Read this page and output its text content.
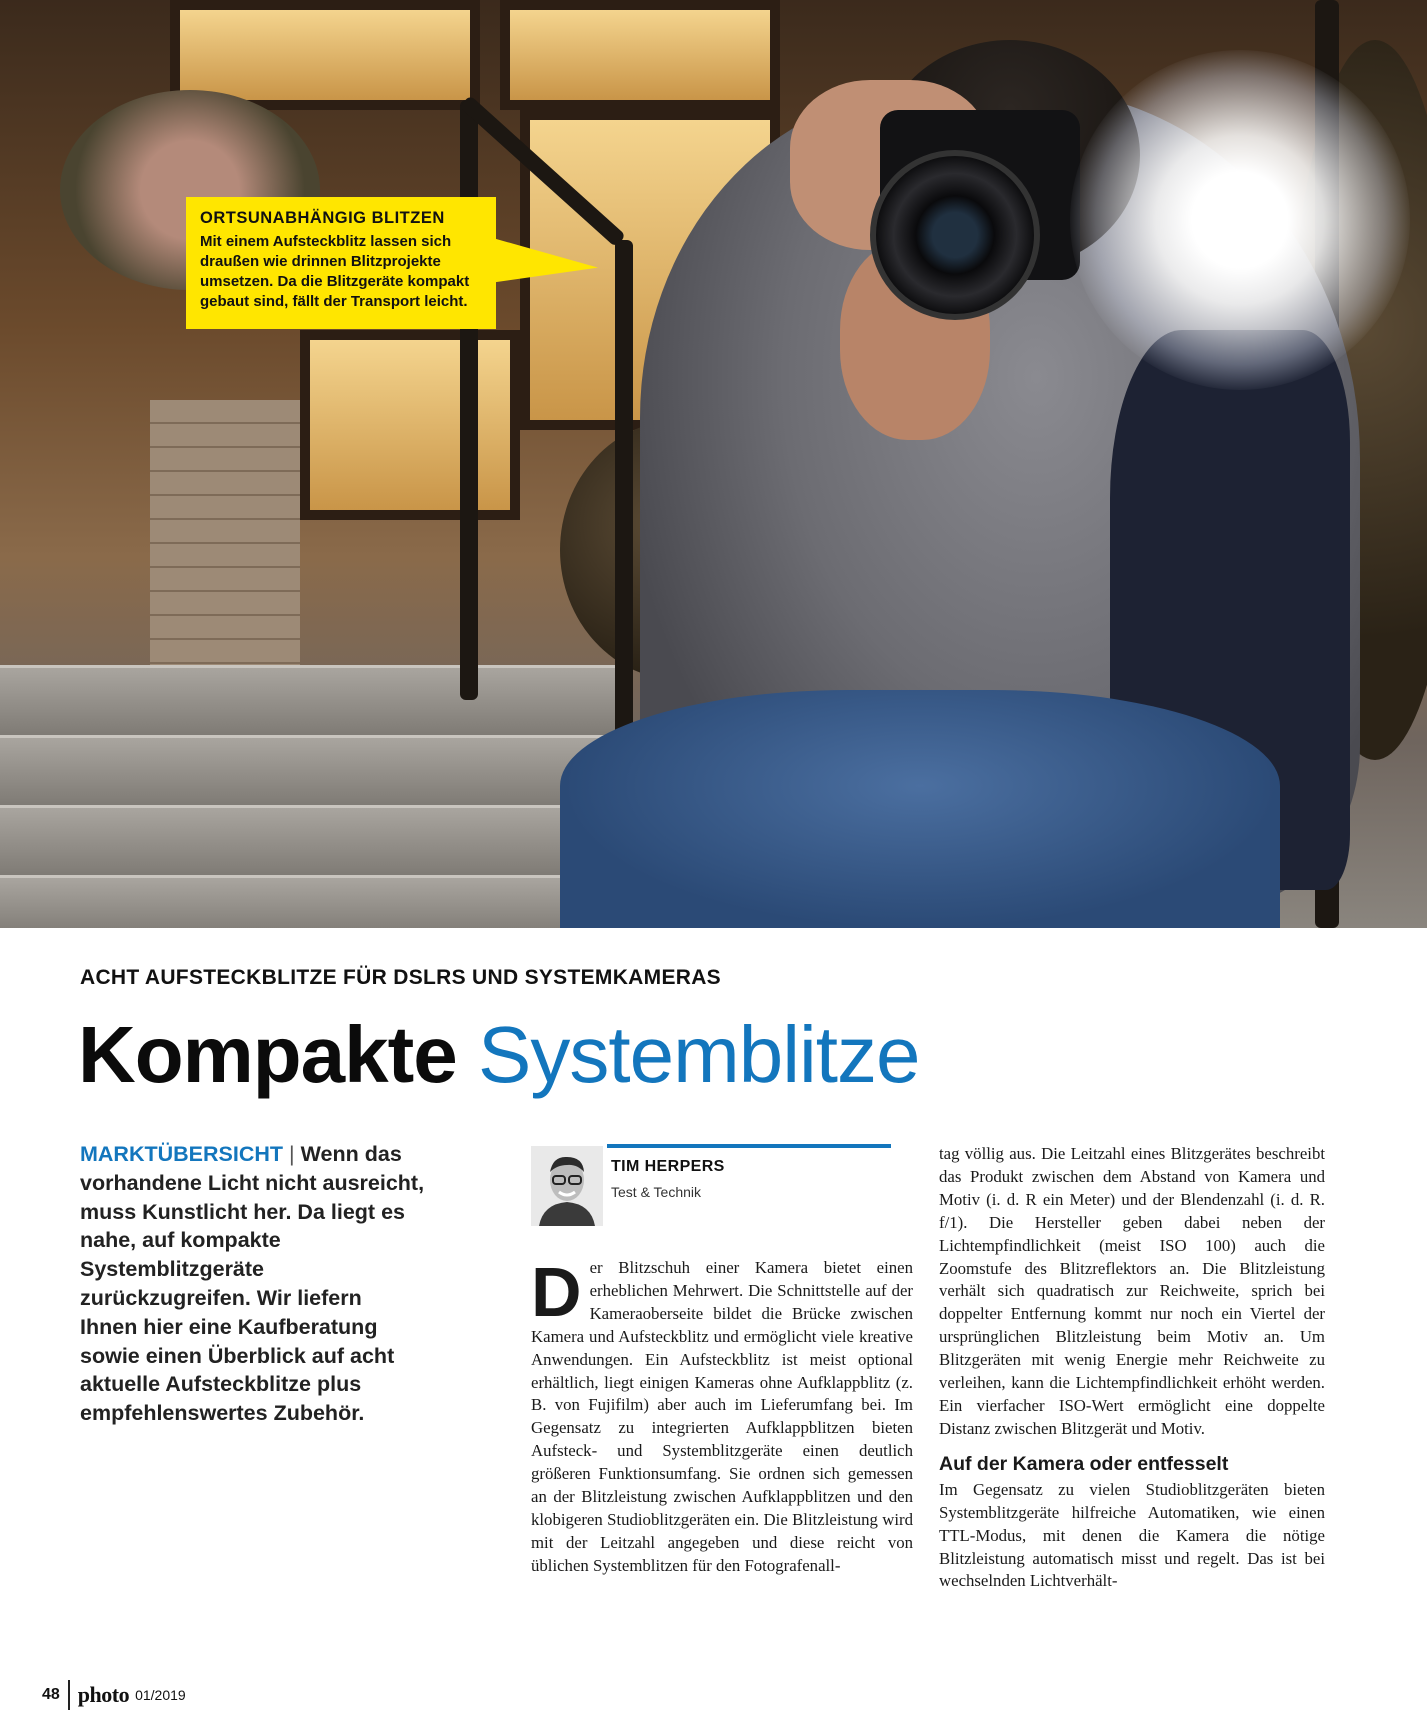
ORTSUNABHÄNGIG BLITZEN
Mit einem Aufsteckblitz lassen sich draußen wie drinnen Blitzprojekte umsetzen. Da die Blitzgeräte kompakt gebaut sind, fällt der Transport leicht.
ACHT AUFSTECKBLITZE FÜR DSLRS UND SYSTEMKAMERAS
Kompakte Systemblitze
MARKTÜBERSICHT | Wenn das vorhandene Licht nicht ausreicht, muss Kunstlicht her. Da liegt es nahe, auf kompakte Systemblitzgeräte zurückzugreifen. Wir liefern Ihnen hier eine Kaufberatung sowie einen Überblick auf acht aktuelle Aufsteckblitze plus empfehlenswertes Zubehör.
TIM HERPERS
Test & Technik
Der Blitzschuh einer Kamera bietet einen erheblichen Mehrwert. Die Schnittstelle auf der Kameraoberseite bildet die Brücke zwischen Kamera und Aufsteckblitz und ermöglicht viele kreative Anwendungen. Ein Aufsteckblitz ist meist optional erhältlich, liegt einigen Kameras ohne Aufklappblitz (z. B. von Fujifilm) aber auch im Lieferumfang bei. Im Gegensatz zu integrierten Aufklappblitzen bieten Aufsteck- und Systemblitzgeräte einen deutlich größeren Funktionsumfang. Sie ordnen sich gemessen an der Blitzleistung zwischen Aufklappblitzen und den klobigeren Studioblitzgeräten ein. Die Blitzleistung wird mit der Leitzahl angegeben und diese reicht von üblichen Systemblitzen für den Fotografenall-
tag völlig aus. Die Leitzahl eines Blitzgerätes beschreibt das Produkt zwischen dem Abstand von Kamera und Motiv (i. d. R ein Meter) und der Blendenzahl (i. d. R. f/1). Die Hersteller geben dabei neben der Lichtempfindlichkeit (meist ISO 100) auch die Zoomstufe des Blitzreflektors an. Die Blitzleistung verhält sich quadratisch zur Reichweite, sprich bei doppelter Entfernung kommt nur noch ein Viertel der ursprünglichen Blitzleistung beim Motiv an. Um Blitzgeräten mit wenig Energie mehr Reichweite zu verleihen, kann die Lichtempfindlichkeit erhöht werden. Ein vierfacher ISO-Wert ermöglicht eine doppelte Distanz zwischen Blitzgerät und Motiv.
Auf der Kamera oder entfesselt
Im Gegensatz zu vielen Studioblitzgeräten bieten Systemblitzgeräte hilfreiche Automatiken, wie einen TTL-Modus, mit denen die Kamera die nötige Blitzleistung automatisch misst und regelt. Das ist bei wechselnden Lichtverhält-
48 photo 01/2019
